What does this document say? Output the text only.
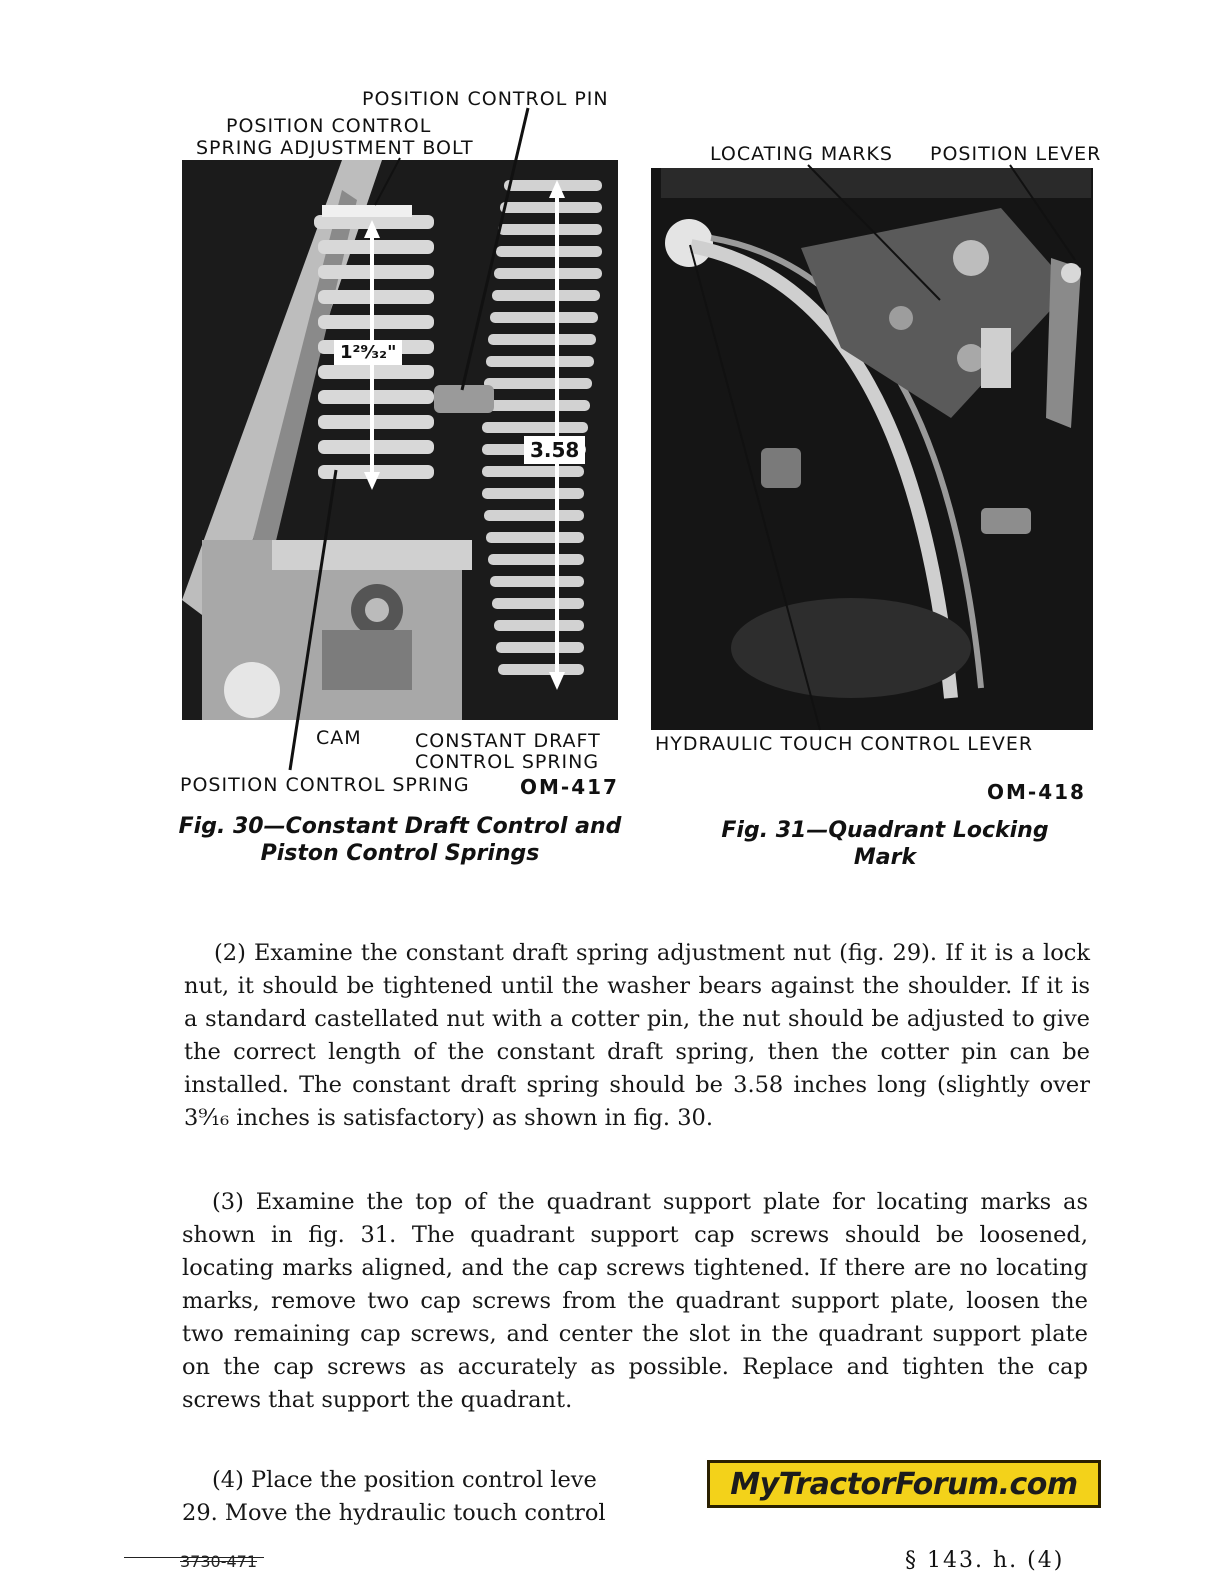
POSITION CONTROL PIN
POSITION CONTROL
SPRING ADJUSTMENT BOLT
1²⁹⁄₃₂"
3.58
CAM	CONSTANT DRAFT
CONTROL SPRING
POSITION CONTROL SPRING	OM-417
Fig. 30—Constant Draft Control and
Piston Control Springs
LOCATING MARKS POSITION LEVER
HYDRAULIC TOUCH CONTROL LEVER
OM-418
Fig. 31—Quadrant Locking
Mark

(2) Examine the constant draft spring adjustment nut (fig. 29). If it is a lock nut, it should be tightened until the washer bears against the shoulder. If it is a standard castellated nut with a cotter pin, the nut should be adjusted to give the correct length of the constant draft spring, then the cotter pin can be installed. The constant draft spring should be 3.58 inches long (slightly over 3⁹⁄₁₆ inches is satisfactory) as shown in fig. 30.

(3) Examine the top of the quadrant support plate for locating marks as shown in fig. 31. The quadrant support cap screws should be loosened, locating marks aligned, and the cap screws tightened. If there are no locating marks, remove two cap screws from the quadrant support plate, loosen the two remaining cap screws, and center the slot in the quadrant support plate on the cap screws as accurately as possible. Replace and tighten the cap screws that support the quadrant.

(4) Place the position control leve
29. Move the hydraulic touch control
MyTractorForum.com
3730-471	§ 143. h. (4)
